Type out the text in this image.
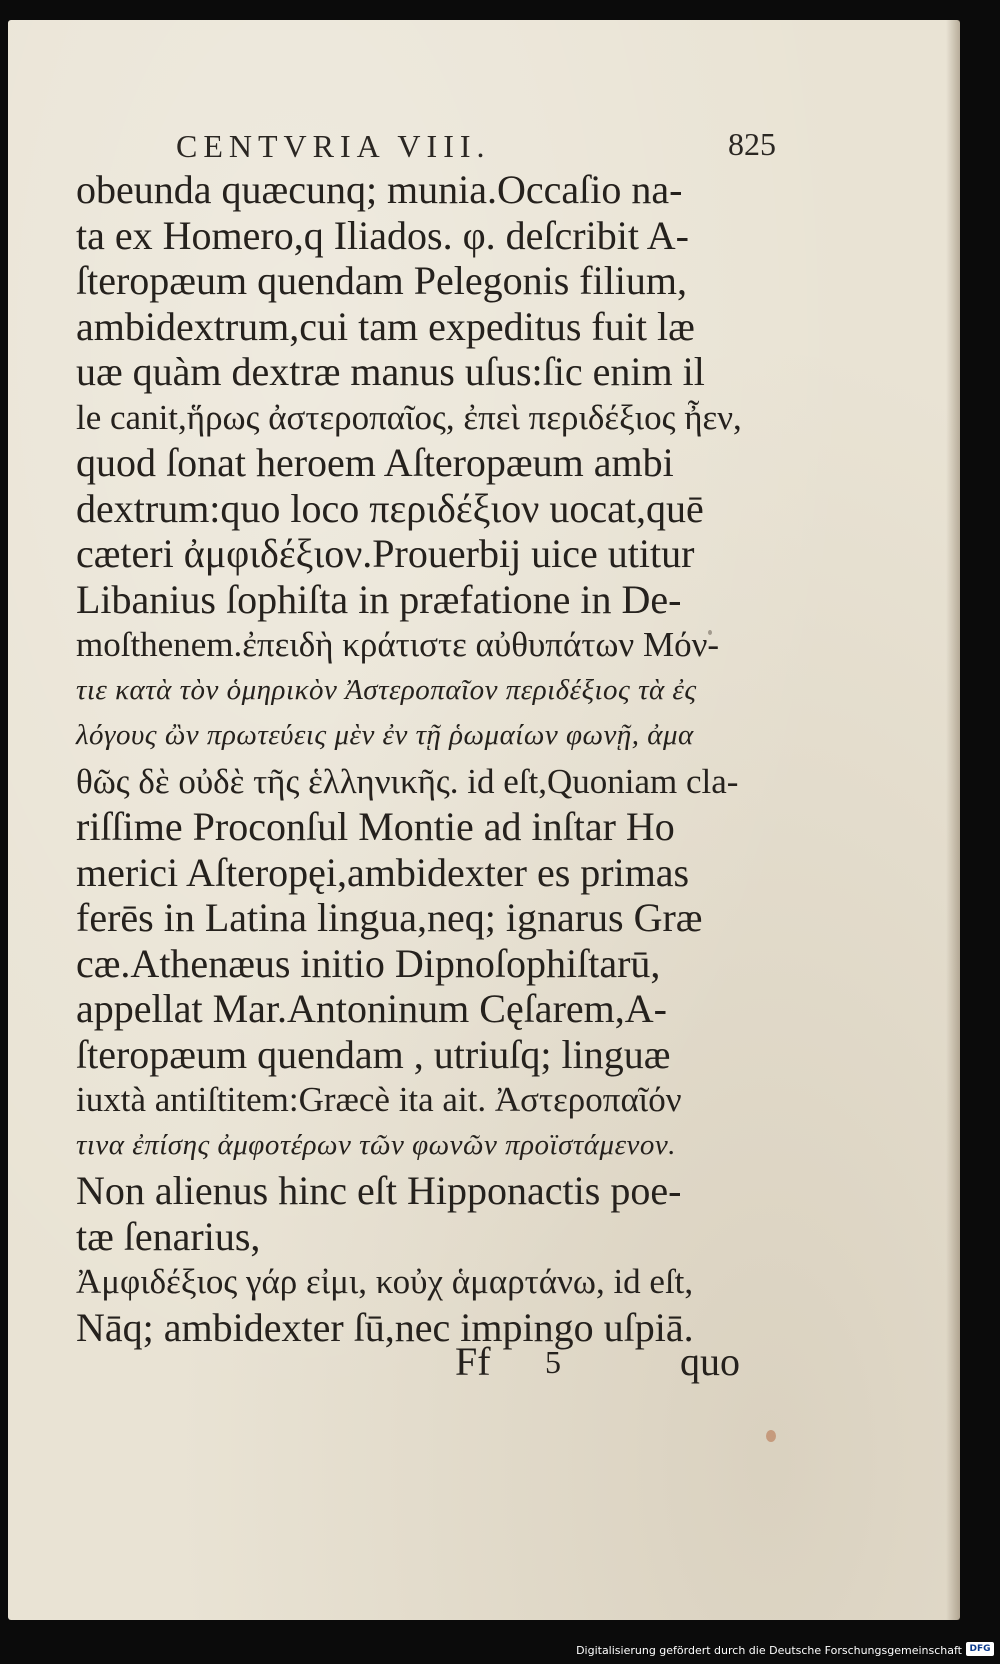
CENTVRIA VIII.	825
obeunda quæcunq; munia.Occaſio na-
ta ex Homero,q Iliados. φ. deſcribit A-
ſteropæum quendam Pelegonis filium,
ambidextrum,cui tam expeditus fuit læ
uæ quàm dextræ manus uſus:ſic enim il
le canit,ἥρως ἀστεροπαῖος, ἐπεὶ περιδέξιος ἦεν,
quod ſonat heroem Aſteropæum ambi
dextrum:quo loco περιδέξιον uocat,quē
cæteri ἀμφιδέξιον.Prouerbij uice utitur
Libanius ſophiſta in præfatione in De-
moſthenem.ἐπειδὴ κράτιστε αὐθυπάτων Μόν-
τιε κατὰ τὸν ὁμηρικὸν Ἀστεροπαῖον περιδέξιος τὰ ἐς
λόγους ὢν πρωτεύεις μὲν ἐν τῇ ῥωμαίων φωνῇ, ἀμα
θῶς δὲ οὐδὲ τῆς ἑλληνικῆς. id eſt,Quoniam cla-
riſſime Proconſul Montie ad inſtar Ho
merici Aſteropęi,ambidexter es primas
ferēs in Latina lingua,neq; ignarus Græ
cæ.Athenæus initio Dipnoſophiſtarū,
appellat Mar.Antoninum Cęſarem,A-
ſteropæum quendam , utriuſq; linguæ
iuxtà antiſtitem:Græcè ita ait. Ἀστεροπαῖόν
τινα ἐπίσης ἀμφοτέρων τῶν φωνῶν προϊστάμενον.
Non alienus hinc eſt Hipponactis poe-
tæ ſenarius,
Ἀμφιδέξιος γάρ εἰμι, κοὐχ ἁμαρτάνω, id eſt,
Nāq; ambidexter ſū,nec impingo uſpiā.
Ff 5	quo
Digitalisierung gefördert durch die Deutsche Forschungsgemeinschaft DFG
